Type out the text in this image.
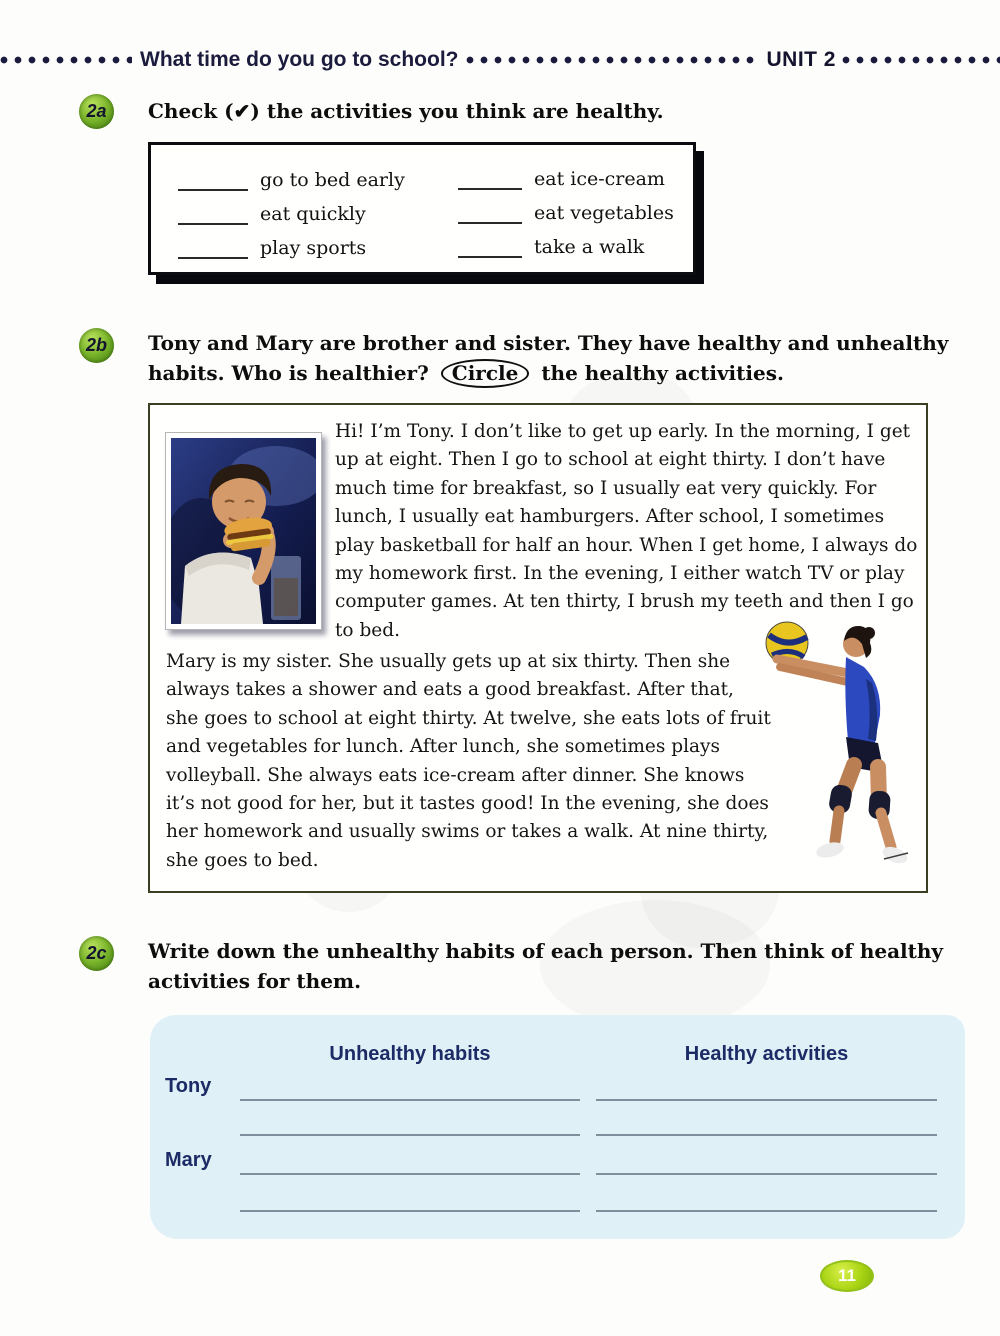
What time do you go to school?	UNIT 2
2a	Check (✔) the activities you think are healthy.
go to bed early
eat quickly
play sports
eat ice-cream
eat vegetables
take a walk
2b	Tony and Mary are brother and sister. They have healthy and unhealthy habits. Who is healthier? Circle the healthy activities.
Hi! I’m Tony. I don’t like to get up early. In the morning, I get up at eight. Then I go to school at eight thirty. I don’t have much time for breakfast, so I usually eat very quickly. For lunch, I usually eat hamburgers. After school, I sometimes play basketball for half an hour. When I get home, I always do my homework first. In the evening, I either watch TV or play computer games. At ten thirty, I brush my teeth and then I go to bed.
Mary is my sister. She usually gets up at six thirty. Then she always takes a shower and eats a good breakfast. After that, she goes to school at eight thirty. At twelve, she eats lots of fruit and vegetables for lunch. After lunch, she sometimes plays volleyball. She always eats ice-cream after dinner. She knows it’s not good for her, but it tastes good! In the evening, she does her homework and usually swims or takes a walk. At nine thirty, she goes to bed.
2c	Write down the unhealthy habits of each person. Then think of healthy activities for them.
Unhealthy habits	Healthy activities
Tony
Mary
11
